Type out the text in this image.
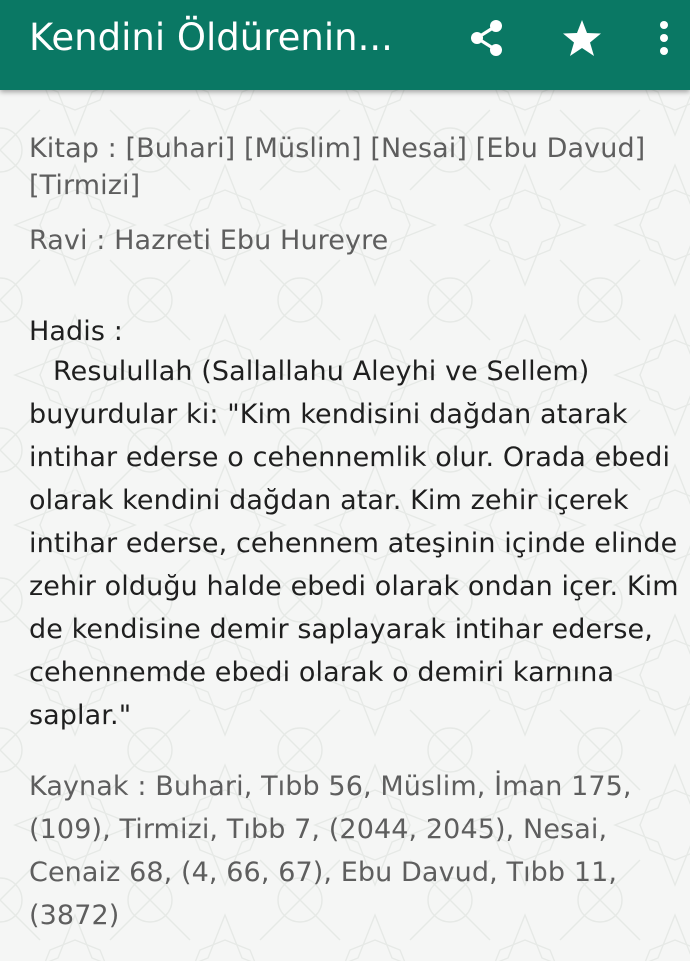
Kendini Öldürenin...
Kitap : [Buhari] [Müslim] [Nesai] [Ebu Davud] [Tirmizi]
Ravi : Hazreti Ebu Hureyre
Hadis :
Resulullah (Sallallahu Aleyhi ve Sellem) buyurdular ki: "Kim kendisini dağdan atarak intihar ederse o cehennemlik olur. Orada ebedi olarak kendini dağdan atar. Kim zehir içerek intihar ederse, cehennem ateşinin içinde elinde zehir olduğu halde ebedi olarak ondan içer. Kim de kendisine demir saplayarak intihar ederse, cehennemde ebedi olarak o demiri karnına saplar."
Kaynak : Buhari, Tıbb 56, Müslim, İman 175, (109), Tirmizi, Tıbb 7, (2044, 2045), Nesai, Cenaiz 68, (4, 66, 67), Ebu Davud, Tıbb 11, (3872)
